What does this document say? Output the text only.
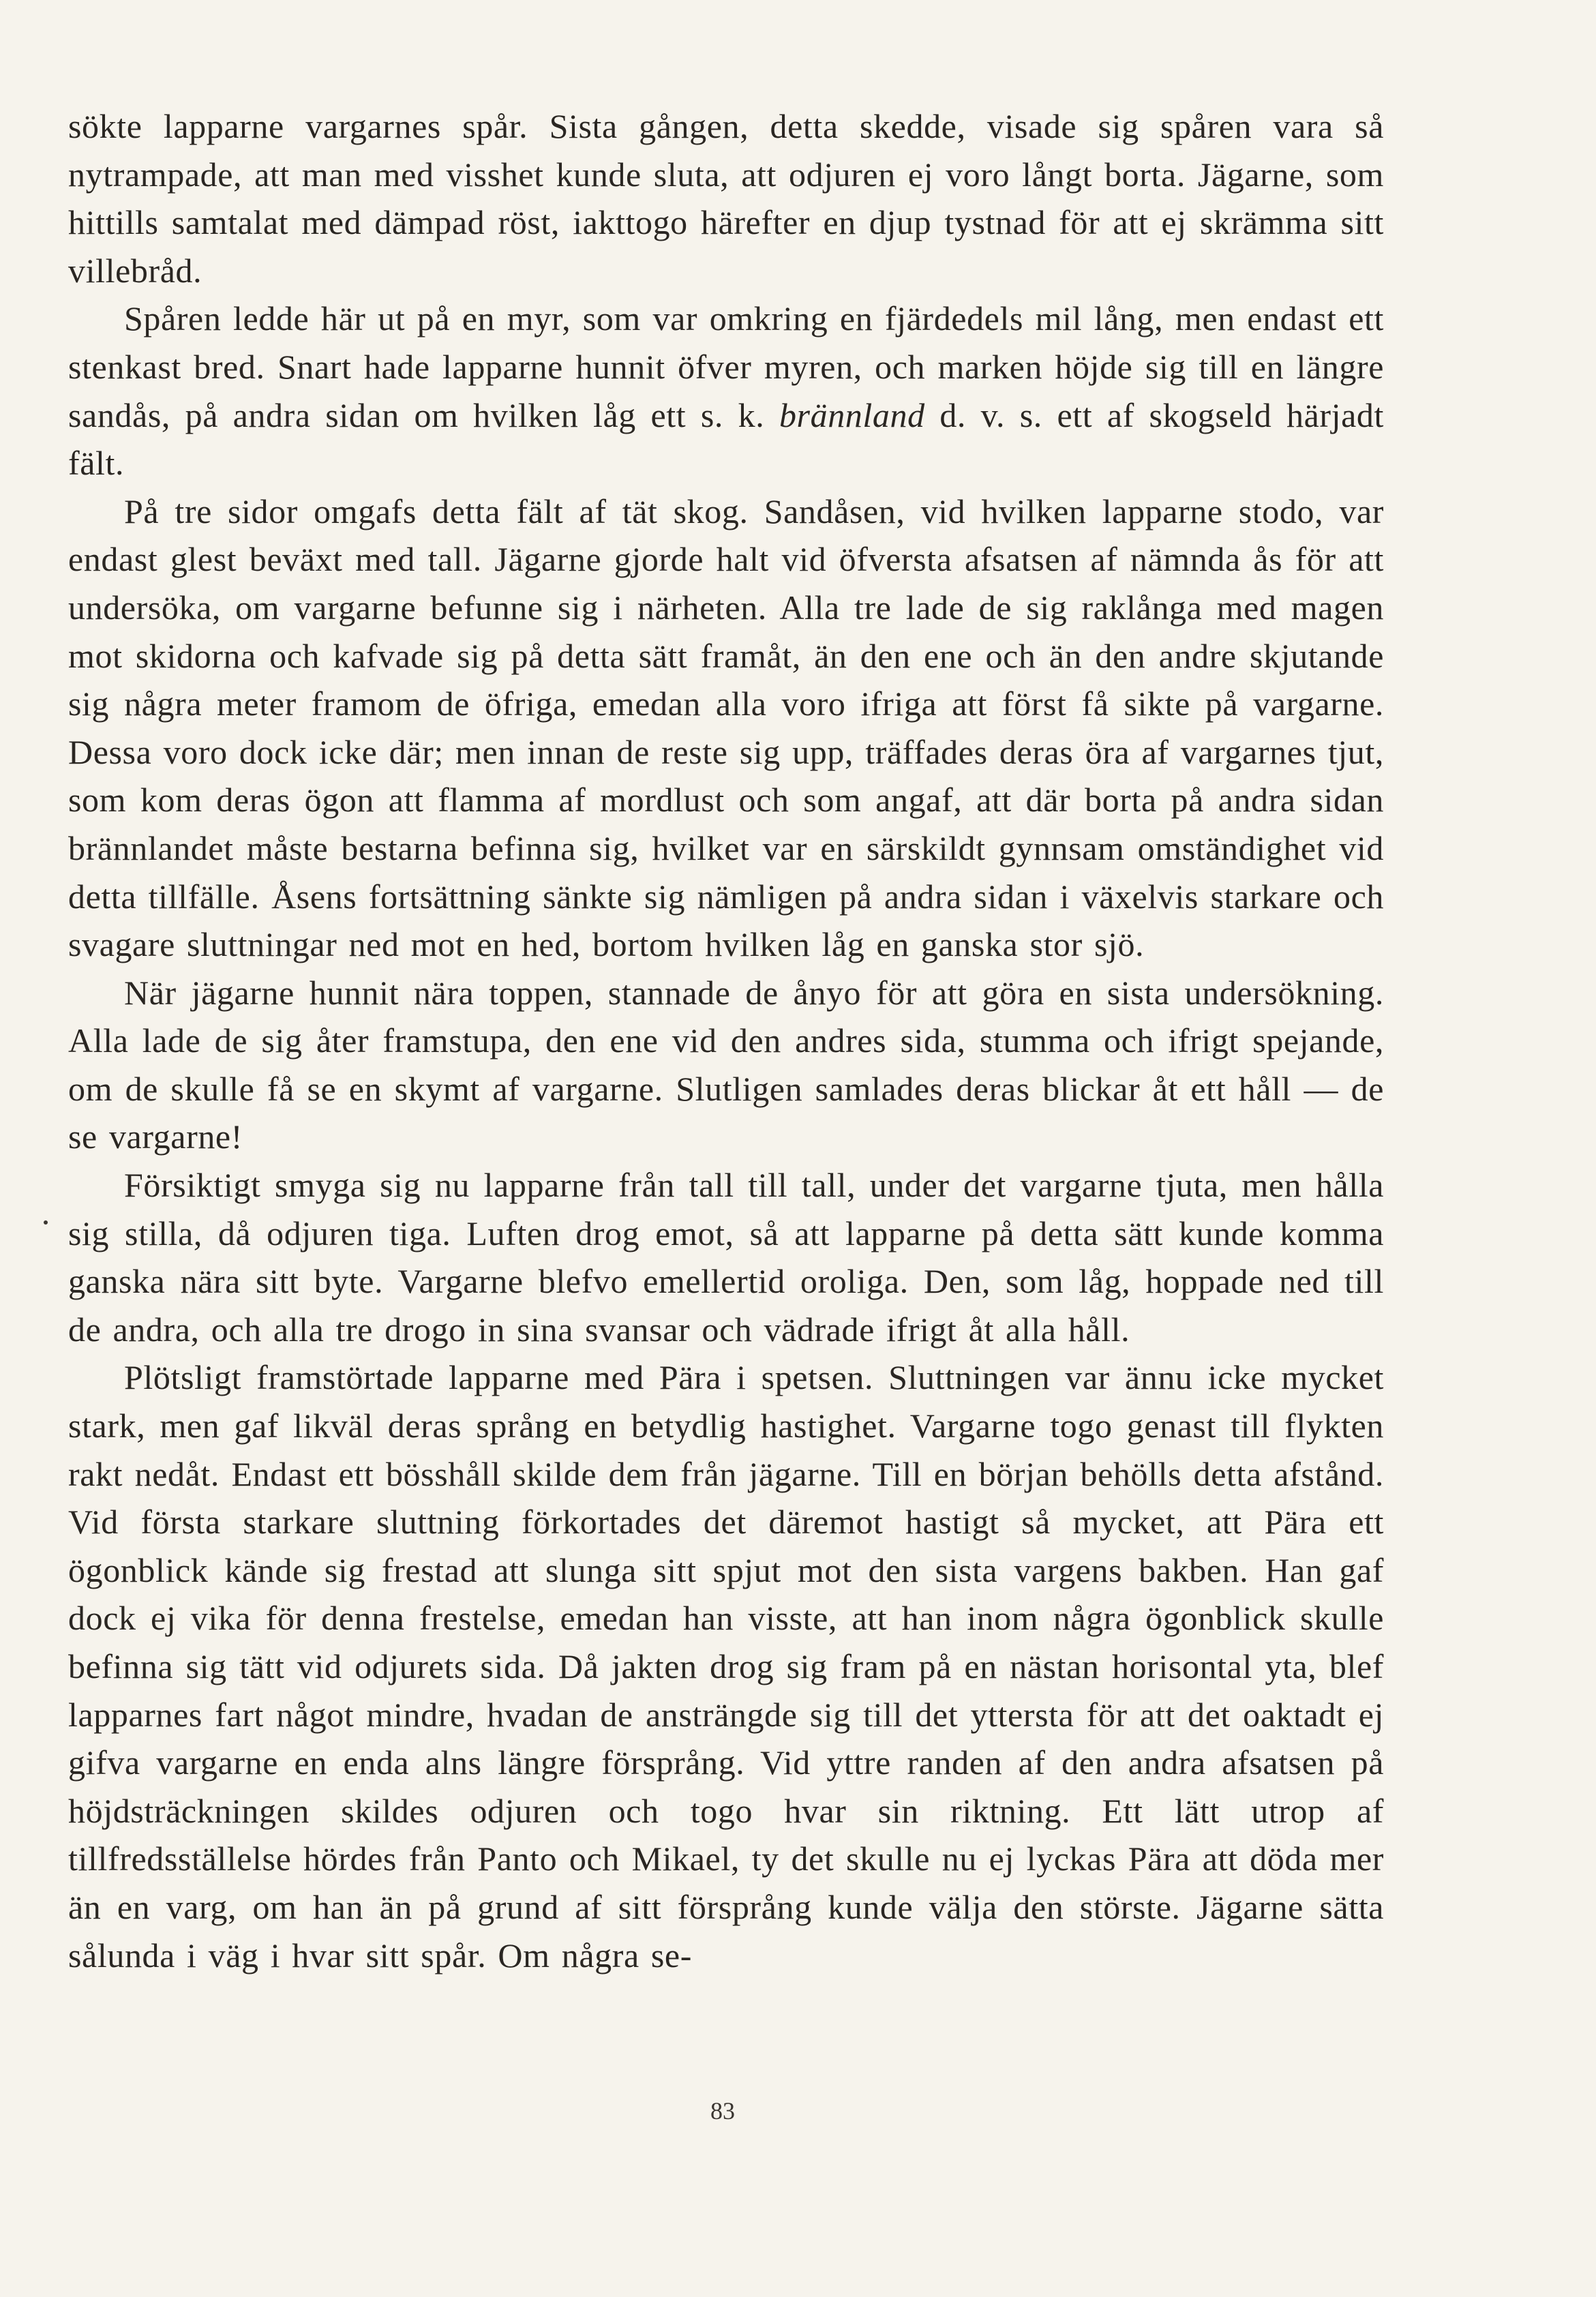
sökte lapparne vargarnes spår. Sista gången, detta skedde, visade sig spåren vara så nytrampade, att man med visshet kunde sluta, att odjuren ej voro långt borta. Jägarne, som hittills samtalat med dämpad röst, iakttogo härefter en djup tystnad för att ej skrämma sitt villebråd.

Spåren ledde här ut på en myr, som var omkring en fjärdedels mil lång, men endast ett stenkast bred. Snart hade lapparne hunnit öfver myren, och marken höjde sig till en längre sandås, på andra sidan om hvilken låg ett s. k. brännland d. v. s. ett af skogseld härjadt fält.

På tre sidor omgafs detta fält af tät skog. Sandåsen, vid hvilken lapparne stodo, var endast glest beväxt med tall. Jägarne gjorde halt vid öfversta afsatsen af nämnda ås för att undersöka, om vargarne befunne sig i närheten. Alla tre lade de sig raklånga med magen mot skidorna och kafvade sig på detta sätt framåt, än den ene och än den andre skjutande sig några meter framom de öfriga, emedan alla voro ifriga att först få sikte på vargarne. Dessa voro dock icke där; men innan de reste sig upp, träffades deras öra af vargarnes tjut, som kom deras ögon att flamma af mordlust och som angaf, att där borta på andra sidan brännlandet måste bestarna befinna sig, hvilket var en särskildt gynnsam omständighet vid detta tillfälle. Åsens fortsättning sänkte sig nämligen på andra sidan i växelvis starkare och svagare sluttningar ned mot en hed, bortom hvilken låg en ganska stor sjö.

När jägarne hunnit nära toppen, stannade de ånyo för att göra en sista undersökning. Alla lade de sig åter framstupa, den ene vid den andres sida, stumma och ifrigt spejande, om de skulle få se en skymt af vargarne. Slutligen samlades deras blickar åt ett håll — de se vargarne!

Försiktigt smyga sig nu lapparne från tall till tall, under det vargarne tjuta, men hålla sig stilla, då odjuren tiga. Luften drog emot, så att lapparne på detta sätt kunde komma ganska nära sitt byte. Vargarne blefvo emellertid oroliga. Den, som låg, hoppade ned till de andra, och alla tre drogo in sina svansar och vädrade ifrigt åt alla håll.

Plötsligt framstörtade lapparne med Pära i spetsen. Sluttningen var ännu icke mycket stark, men gaf likväl deras språng en betydlig hastighet. Vargarne togo genast till flykten rakt nedåt. Endast ett bösshåll skilde dem från jägarne. Till en början behölls detta afstånd. Vid första starkare sluttning förkortades det däremot hastigt så mycket, att Pära ett ögonblick kände sig frestad att slunga sitt spjut mot den sista vargens bakben. Han gaf dock ej vika för denna frestelse, emedan han visste, att han inom några ögonblick skulle befinna sig tätt vid odjurets sida. Då jakten drog sig fram på en nästan horisontal yta, blef lapparnes fart något mindre, hvadan de ansträngde sig till det yttersta för att det oaktadt ej gifva vargarne en enda alns längre försprång. Vid yttre randen af den andra afsatsen på höjdsträckningen skildes odjuren och togo hvar sin riktning. Ett lätt utrop af tillfredsställelse hördes från Panto och Mikael, ty det skulle nu ej lyckas Pära att döda mer än en varg, om han än på grund af sitt försprång kunde välja den störste. Jägarne sätta sålunda i väg i hvar sitt spår. Om några se-

83
